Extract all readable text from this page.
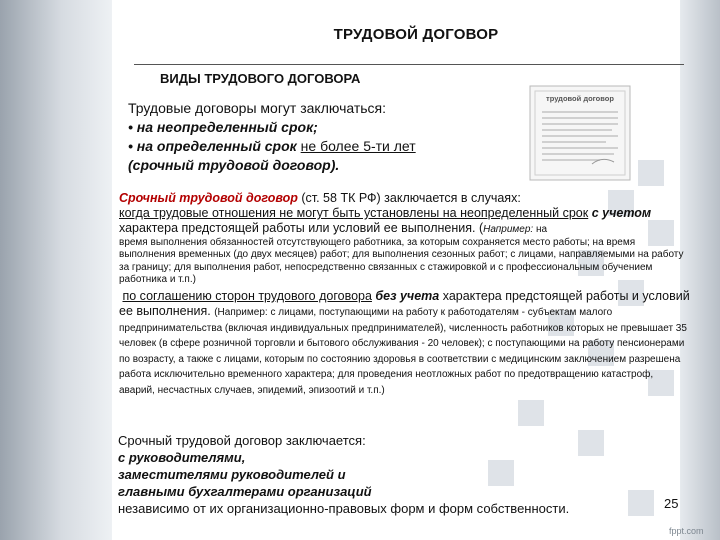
ТРУДОВОЙ ДОГОВОР
ВИДЫ ТРУДОВОГО ДОГОВОРА
Трудовые договоры могут заключаться:
• на неопределенный срок;
• на определенный срок не более 5-ти лет
(срочный трудовой договор).
трудовой договор

Срочный трудовой договор (ст. 58 ТК РФ) заключается в случаях:

когда трудовые отношения не могут быть установлены на неопределенный срок с учетом характера предстоящей работы или условий ее выполнения. (Например: на

время выполнения обязанностей отсутствующего работника, за которым сохраняется место работы; на время выполнения временных (до двух месяцев) работ; для выполнения сезонных работ; с лицами, направляемыми на работу за границу; для выполнения работ, непосредственно связанных с стажировкой и с профессиональным обучением работника и т.п.)

по соглашению сторон трудового договора без учета характера предстоящей работы и условий ее выполнения. (Например: с лицами, поступающими на работу к работодателям - субъектам малого предпринимательства (включая индивидуальных предпринимателей), численность работников которых не превышает 35 человек (в сфере розничной торговли и бытового обслуживания - 20 человек); с поступающими на работу пенсионерами по возрасту, а также с лицами, которым по состоянию здоровья в соответствии с медицинским заключением разрешена работа исключительно временного характера; для проведения неотложных работ по предотвращению катастроф, аварий, несчастных случаев, эпидемий, эпизоотий и т.п.)

Срочный трудовой договор заключается:
с руководителями,
заместителями руководителей и
главными бухгалтерами организаций
независимо от их организационно-правовых форм и форм собственности.	25
fppt.com
